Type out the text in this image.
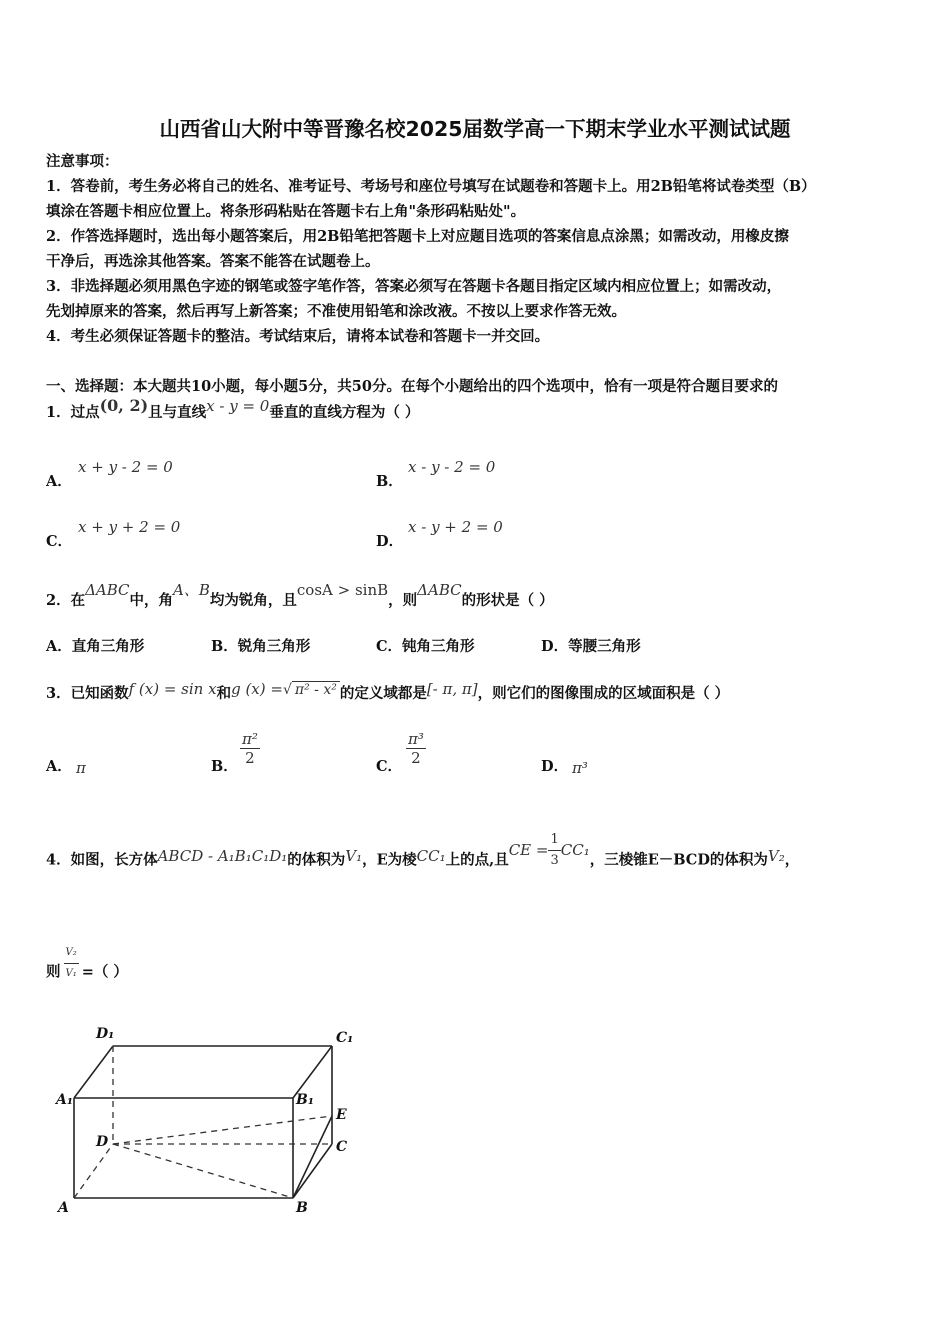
山西省山大附中等晋豫名校2025届数学高一下期末学业水平测试试题
注意事项：
1．答卷前，考生务必将自己的姓名、准考证号、考场号和座位号填写在试题卷和答题卡上。用2B铅笔将试卷类型（B）
填涂在答题卡相应位置上。将条形码粘贴在答题卡右上角"条形码粘贴处"。
2．作答选择题时，选出每小题答案后，用2B铅笔把答题卡上对应题目选项的答案信息点涂黑；如需改动，用橡皮擦
干净后，再选涂其他答案。答案不能答在试题卷上。
3．非选择题必须用黑色字迹的钢笔或签字笔作答，答案必须写在答题卡各题目指定区域内相应位置上；如需改动，
先划掉原来的答案，然后再写上新答案；不准使用铅笔和涂改液。不按以上要求作答无效。
4．考生必须保证答题卡的整洁。考试结束后，请将本试卷和答题卡一并交回。
一、选择题：本大题共10小题，每小题5分，共50分。在每个小题给出的四个选项中，恰有一项是符合题目要求的
1．过点(0, 2)且与直线x - y = 0垂直的直线方程为（ ）
A．
x + y - 2 = 0
B．
x - y - 2 = 0
C．
x + y + 2 = 0
D．
x - y + 2 = 0
2．在ΔABC中，角A、B均为锐角，且cosA > sinB，则ΔABC的形状是（ ）
A．直角三角形	B．锐角三角形	C．钝角三角形	D．等腰三角形
3．已知函数f (x) = sin x和g (x) =√ π² - x² 的定义域都是[- π, π]，则它们的图像围成的区域面积是（ ）
A． π	B． $\frac{\text{π²}}{2}$	C． $\frac{\text{π³}}{2}$	D． π³
4．如图，长方体ABCD - A₁B₁C₁D₁的体积为V₁，E为棱CC₁上的点,且CE = $\frac{1}{3} CC_1$，三棱锥E－BCD的体积为V₂，
则 $\frac{\text{V₂}}{\text{V₁}}$ =（ ）
D₁	C₁
A₁	B₁
E
D	C
A	B
